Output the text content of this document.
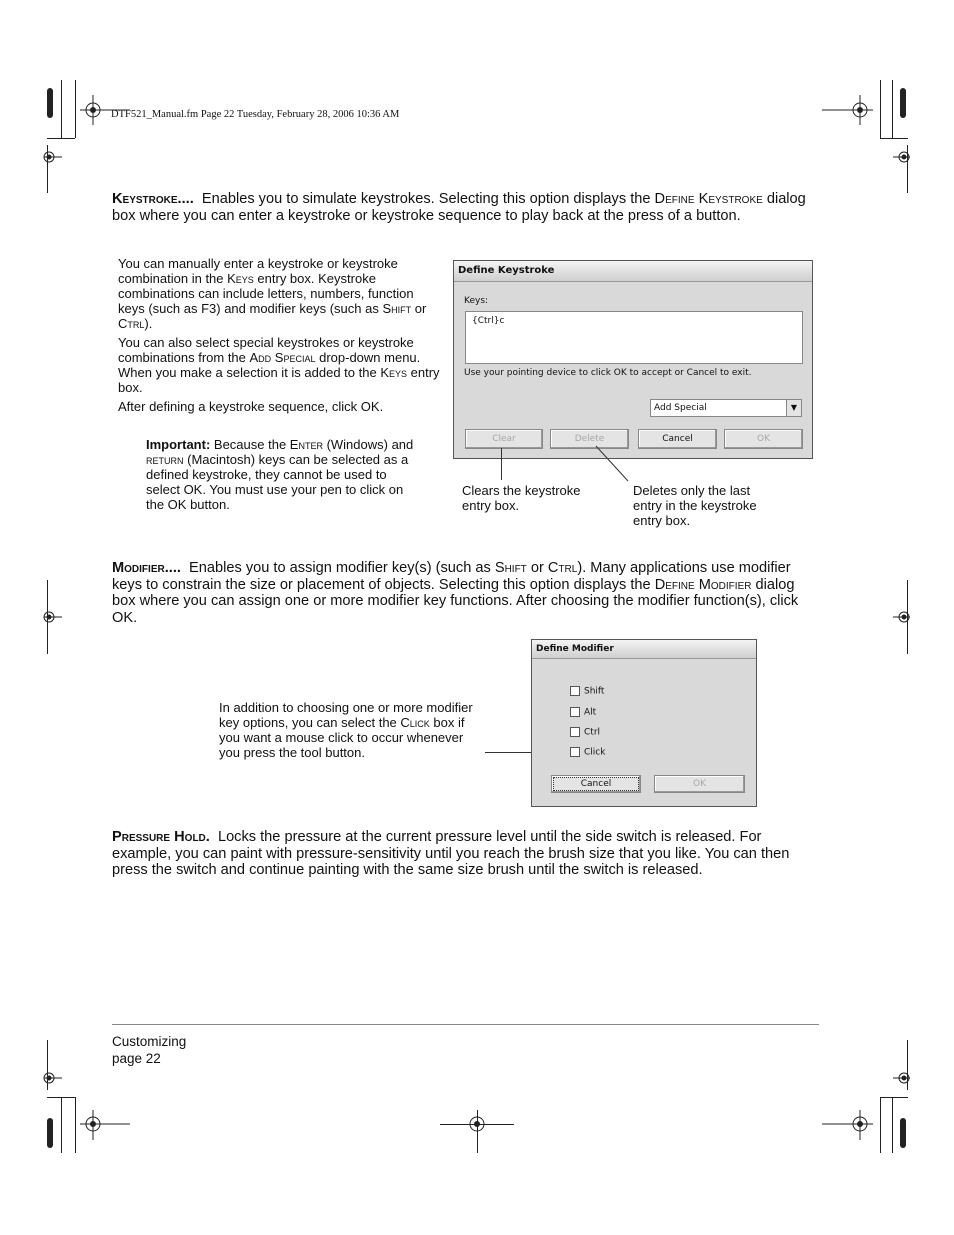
DTF521_Manual.fm Page 22 Tuesday, February 28, 2006 10:36 AM
Keystroke.... Enables you to simulate keystrokes. Selecting this option displays the Define Keystroke dialog box where you can enter a keystroke or keystroke sequence to play back at the press of a button.

You can manually enter a keystroke or keystroke combination in the Keys entry box. Keystroke combinations can include letters, numbers, function keys (such as F3) and modifier keys (such as Shift or Ctrl).

You can also select special keystrokes or keystroke combinations from the Add Special drop-down menu. When you make a selection it is added to the Keys entry box.

After defining a keystroke sequence, click OK.

Important: Because the Enter (Windows) and return (Macintosh) keys can be selected as a defined keystroke, they cannot be used to select OK. You must use your pen to click on the OK button.
Define Keystroke
Keys:
{Ctrl}c
Use your pointing device to click OK to accept or Cancel to exit.
Add Special	▼
Clear	Delete	Cancel	OK
Clears the keystroke entry box.
Deletes only the last entry in the keystroke entry box.
Modifier.... Enables you to assign modifier key(s) (such as Shift or Ctrl). Many applications use modifier keys to constrain the size or placement of objects. Selecting this option displays the Define Modifier dialog box where you can assign one or more modifier key functions. After choosing the modifier function(s), click OK.
In addition to choosing one or more modifier key options, you can select the Click box if you want a mouse click to occur whenever you press the tool button.
Define Modifier
Shift
Alt
Ctrl
Click
Cancel	OK
Pressure Hold. Locks the pressure at the current pressure level until the side switch is released. For example, you can paint with pressure-sensitivity until you reach the brush size that you like. You can then press the switch and continue painting with the same size brush until the switch is released.
Customizing
page 22
